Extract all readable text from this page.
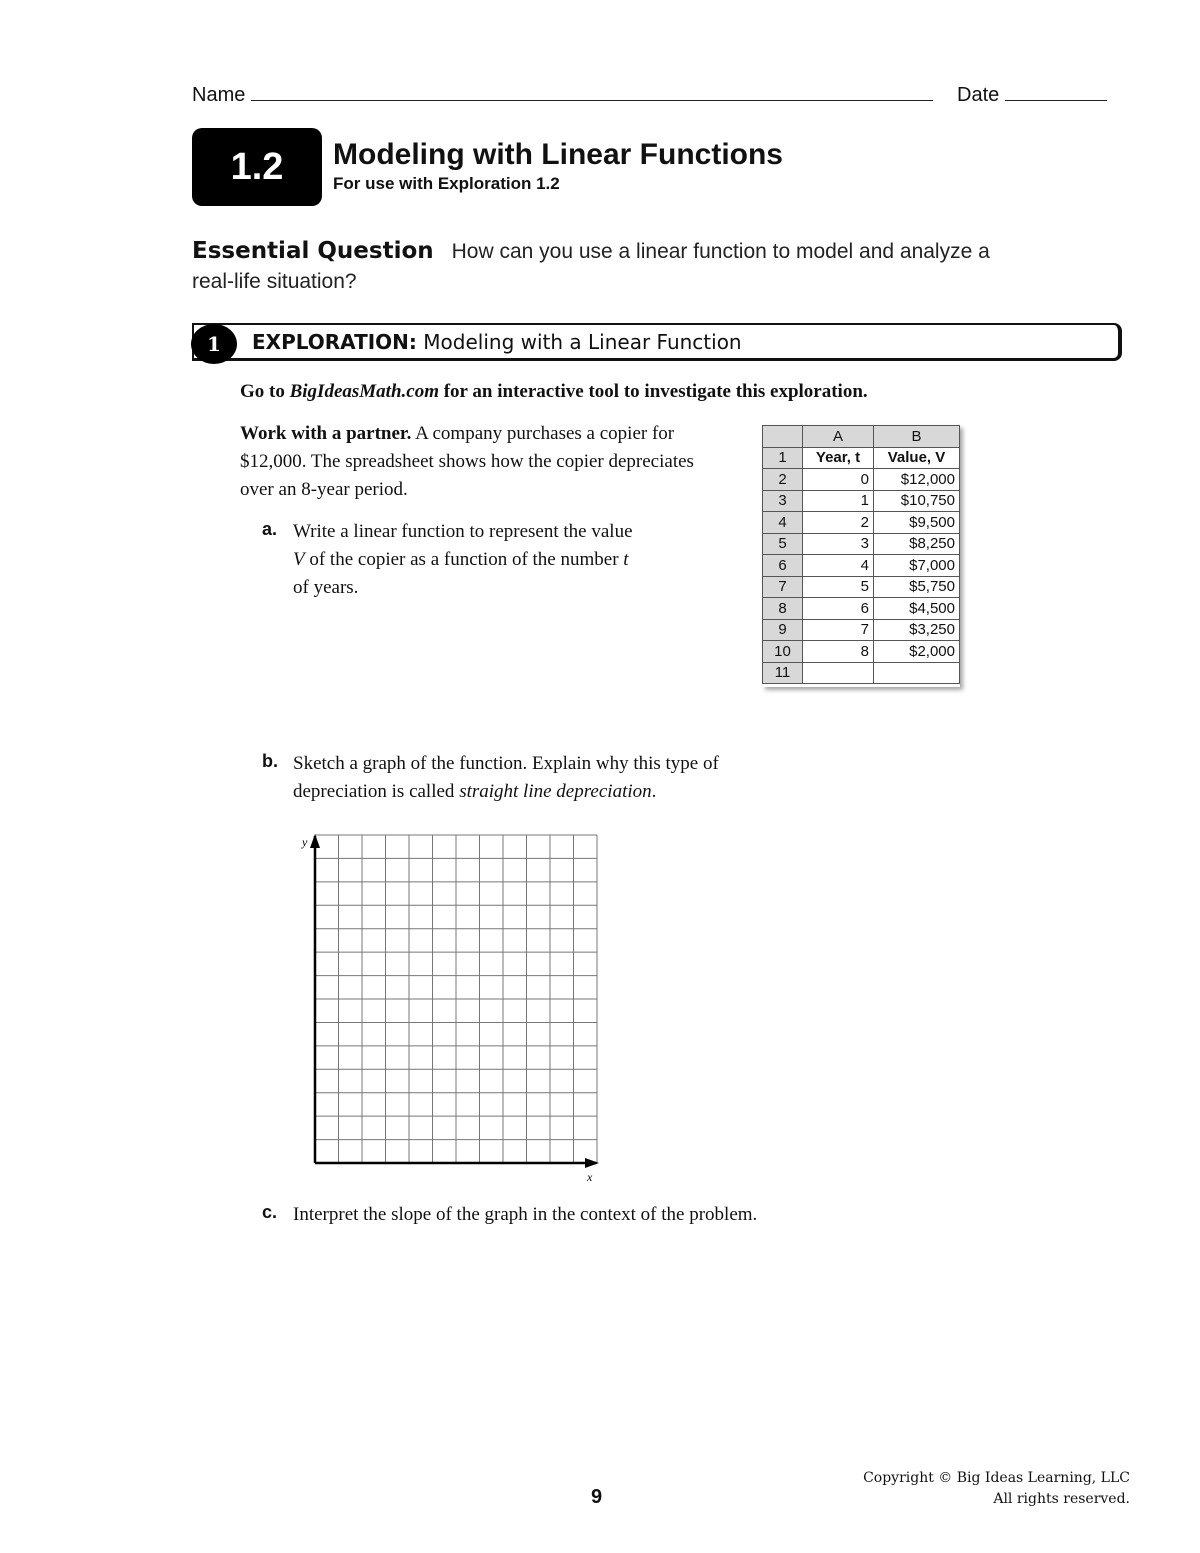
Name	Date
1.2	Modeling with Linear Functions
For use with Exploration 1.2
Essential Question How can you use a linear function to model and analyze a real-life situation?
1	EXPLORATION: Modeling with a Linear Function
Go to BigIdeasMath.com for an interactive tool to investigate this exploration.
Work with a partner. A company purchases a copier for $12,000. The spreadsheet shows how the copier depreciates over an 8-year period.
a. Write a linear function to represent the value V of the copier as a function of the number t of years.
	A	B
1	Year, t	Value, V
2	0	$12,000
3	1	$10,750
4	2	$9,500
5	3	$8,250
6	4	$7,000
7	5	$5,750
8	6	$4,500
9	7	$3,250
10	8	$2,000
11		
b. Sketch a graph of the function. Explain why this type of depreciation is called straight line depreciation.
y
x
c. Interpret the slope of the graph in the context of the problem.
9
Copyright © Big Ideas Learning, LLC
All rights reserved.
